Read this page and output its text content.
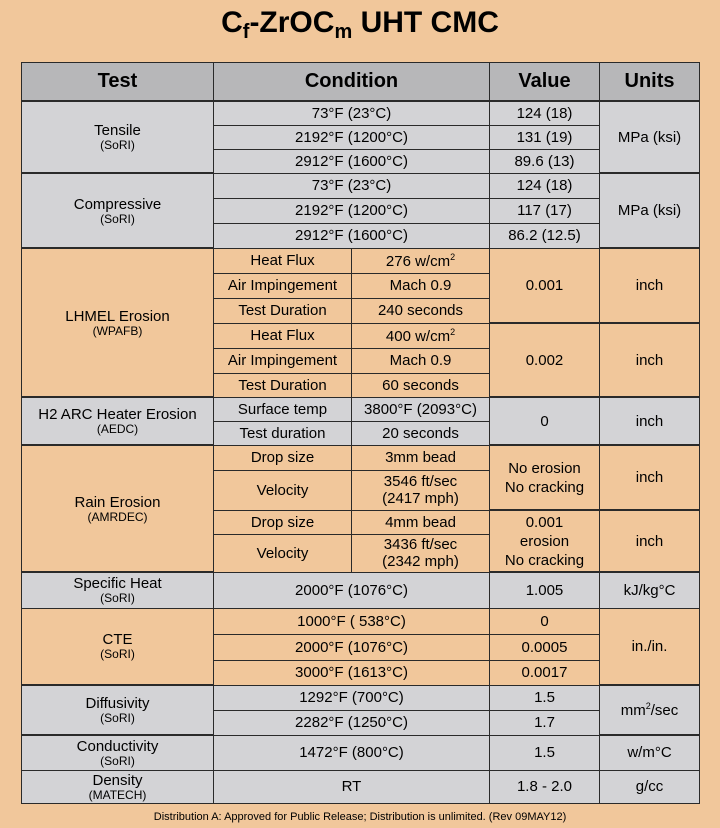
$C_f-ZrOC_m$ UHT CMC
Test	Condition		Value	Units

Tensile
(SoRI)	73°F (23°C)		124 (18)	MPa (ksi)
	2192°F (1200°C)		131 (19)	
	2912°F (1600°C)		89.6 (13)	

Compressive
(SoRI)	73°F (23°C)		124 (18)	MPa (ksi)
	2192°F (1200°C)		117 (17)	
	2912°F (1600°C)		86.2 (12.5)	

LHMEL Erosion
(WPAFB)	Heat Flux	276 $w/cm^2$	0.001	inch
	Air Impingement	Mach 0.9		
	Test Duration	240 seconds		
	Heat Flux	400 $w/cm^2$	0.002	inch
	Air Impingement	Mach 0.9		
	Test Duration	60 seconds		

H2 ARC Heater Erosion
(AEDC)	Surface temp	3800°F (2093°C)	0	inch
	Test duration	20 seconds		

Rain Erosion
(AMRDEC)	Drop size	3mm bead	No erosion
No cracking	inch
	Velocity	3546 ft/sec
(2417 mph)		

	Drop size	4mm bead	0.001
erosion
No cracking	inch
	Velocity	3436 ft/sec
(2342 mph)		

Specific Heat
(SoRI)	2000°F (1076°C)		1.005	kJ/kg°C

CTE
(SoRI)	1000°F ( 538°C)		0	in./in.
	2000°F (1076°C)		0.0005	
	3000°F (1613°C)		0.0017	

Diffusivity
(SoRI)	1292°F (700°C)		1.5	$mm^2/\sec$
	2282°F (1250°C)		1.7	

Conductivity
(SoRI)	1472°F (800°C)		1.5	w/m°C

Density
(MATECH)	RT		1.8 - 2.0	g/cc
Distribution A: Approved for Public Release; Distribution is unlimited. (Rev 09MAY12)
